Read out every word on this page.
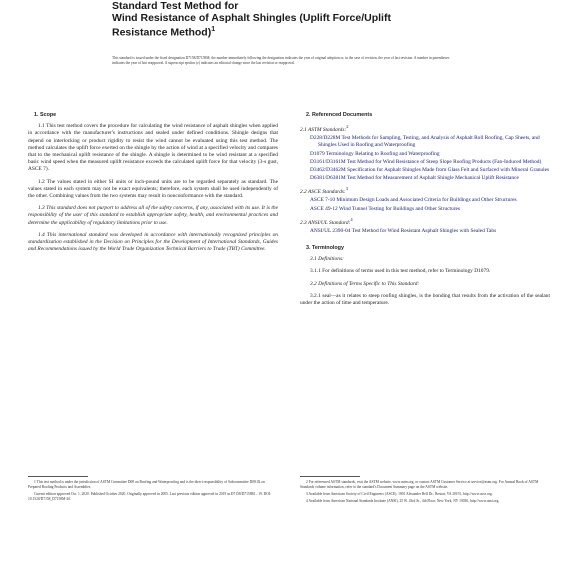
Standard Test Method for
Wind Resistance of Asphalt Shingles (Uplift Force/Uplift
Resistance Method)$^1$
This standard is issued under the fixed designation D7158/D7158M; the number immediately following the designation indicates the year of original adoption or, in the case of revision, the year of last revision. A number in parentheses indicates the year of last reapproval. A superscript epsilon (ε) indicates an editorial change since the last revision or reapproval.
1. Scope

1.1 This test method covers the procedure for calculating the wind resistance of asphalt shingles when applied in accordance with the manufacturer's instructions and sealed under defined conditions. Shingle designs that depend on interlocking or product rigidity to resist the wind cannot be evaluated using this test method. The method calculates the uplift force exerted on the shingle by the action of wind at a specified velocity and compares that to the mechanical uplift resistance of the shingle. A shingle is determined to be wind resistant at a specified basic wind speed when the measured uplift resistance exceeds the calculated uplift force for that velocity (3-s gust, ASCE 7).

1.2 The values stated in either SI units or inch-pound units are to be regarded separately as standard. The values stated in each system may not be exact equivalents; therefore, each system shall be used independently of the other. Combining values from the two systems may result in nonconformance with the standard.

1.3 This standard does not purport to address all of the safety concerns, if any, associated with its use. It is the responsibility of the user of this standard to establish appropriate safety, health, and environmental practices and determine the applicability of regulatory limitations prior to use.

1.4 This international standard was developed in accordance with internationally recognized principles on standardization established in the Decision on Principles for the Development of International Standards, Guides and Recommendations issued by the World Trade Organization Technical Barriers to Trade (TBT) Committee.

2. Referenced Documents
2.1 ASTM Standards:$^2$
D228/D228M Test Methods for Sampling, Testing, and Analysis of Asphalt Roll Roofing, Cap Sheets, and Shingles Used in Roofing and Waterproofing
D1079 Terminology Relating to Roofing and Waterproofing
D3161/D3161M Test Method for Wind Resistance of Steep Slope Roofing Products (Fan-Induced Method)
D3462/D3462M Specification for Asphalt Shingles Made from Glass Felt and Surfaced with Mineral Granules
D6381/D6381M Test Method for Measurement of Asphalt Shingle Mechanical Uplift Resistance
2.2 ASCE Standards:$^3$
ASCE 7-10 Minimum Design Loads and Associated Criteria for Buildings and Other Structures
ASCE 49-12 Wind Tunnel Testing for Buildings and Other Structures
2.3 ANSI/UL Standard:$^4$
ANSI/UL 2390-04 Test Method for Wind Resistant Asphalt Shingles with Sealed Tabs
3. Terminology

3.1 Definitions:

3.1.1 For definitions of terms used in this test method, refer to Terminology D1079.

3.2 Definitions of Terms Specific to This Standard:

3.2.1 seal—as it relates to steep roofing shingles, is the bonding that results from the activation of the sealant under the action of time and temperature.

1 This test method is under the jurisdiction of ASTM Committee D08 on Roofing and Waterproofing and is the direct responsibility of Subcommittee D08.02 on Prepared Roofing Products and Assemblies.

Current edition approved Oct. 1, 2020. Published October 2020. Originally approved in 2005. Last previous edition approved in 2019 as D7158/D7158M – 19. DOI: 10.1520/D7158_D7158M-20.

2 For referenced ASTM standards, visit the ASTM website, www.astm.org, or contact ASTM Customer Service at service@astm.org. For Annual Book of ASTM Standards volume information, refer to the standard's Document Summary page on the ASTM website.

3 Available from American Society of Civil Engineers (ASCE), 1801 Alexander Bell Dr., Reston, VA 20191, http://www.asce.org.

4 Available from American National Standards Institute (ANSI), 25 W. 43rd St., 4th Floor, New York, NY 10036, http://www.ansi.org.
